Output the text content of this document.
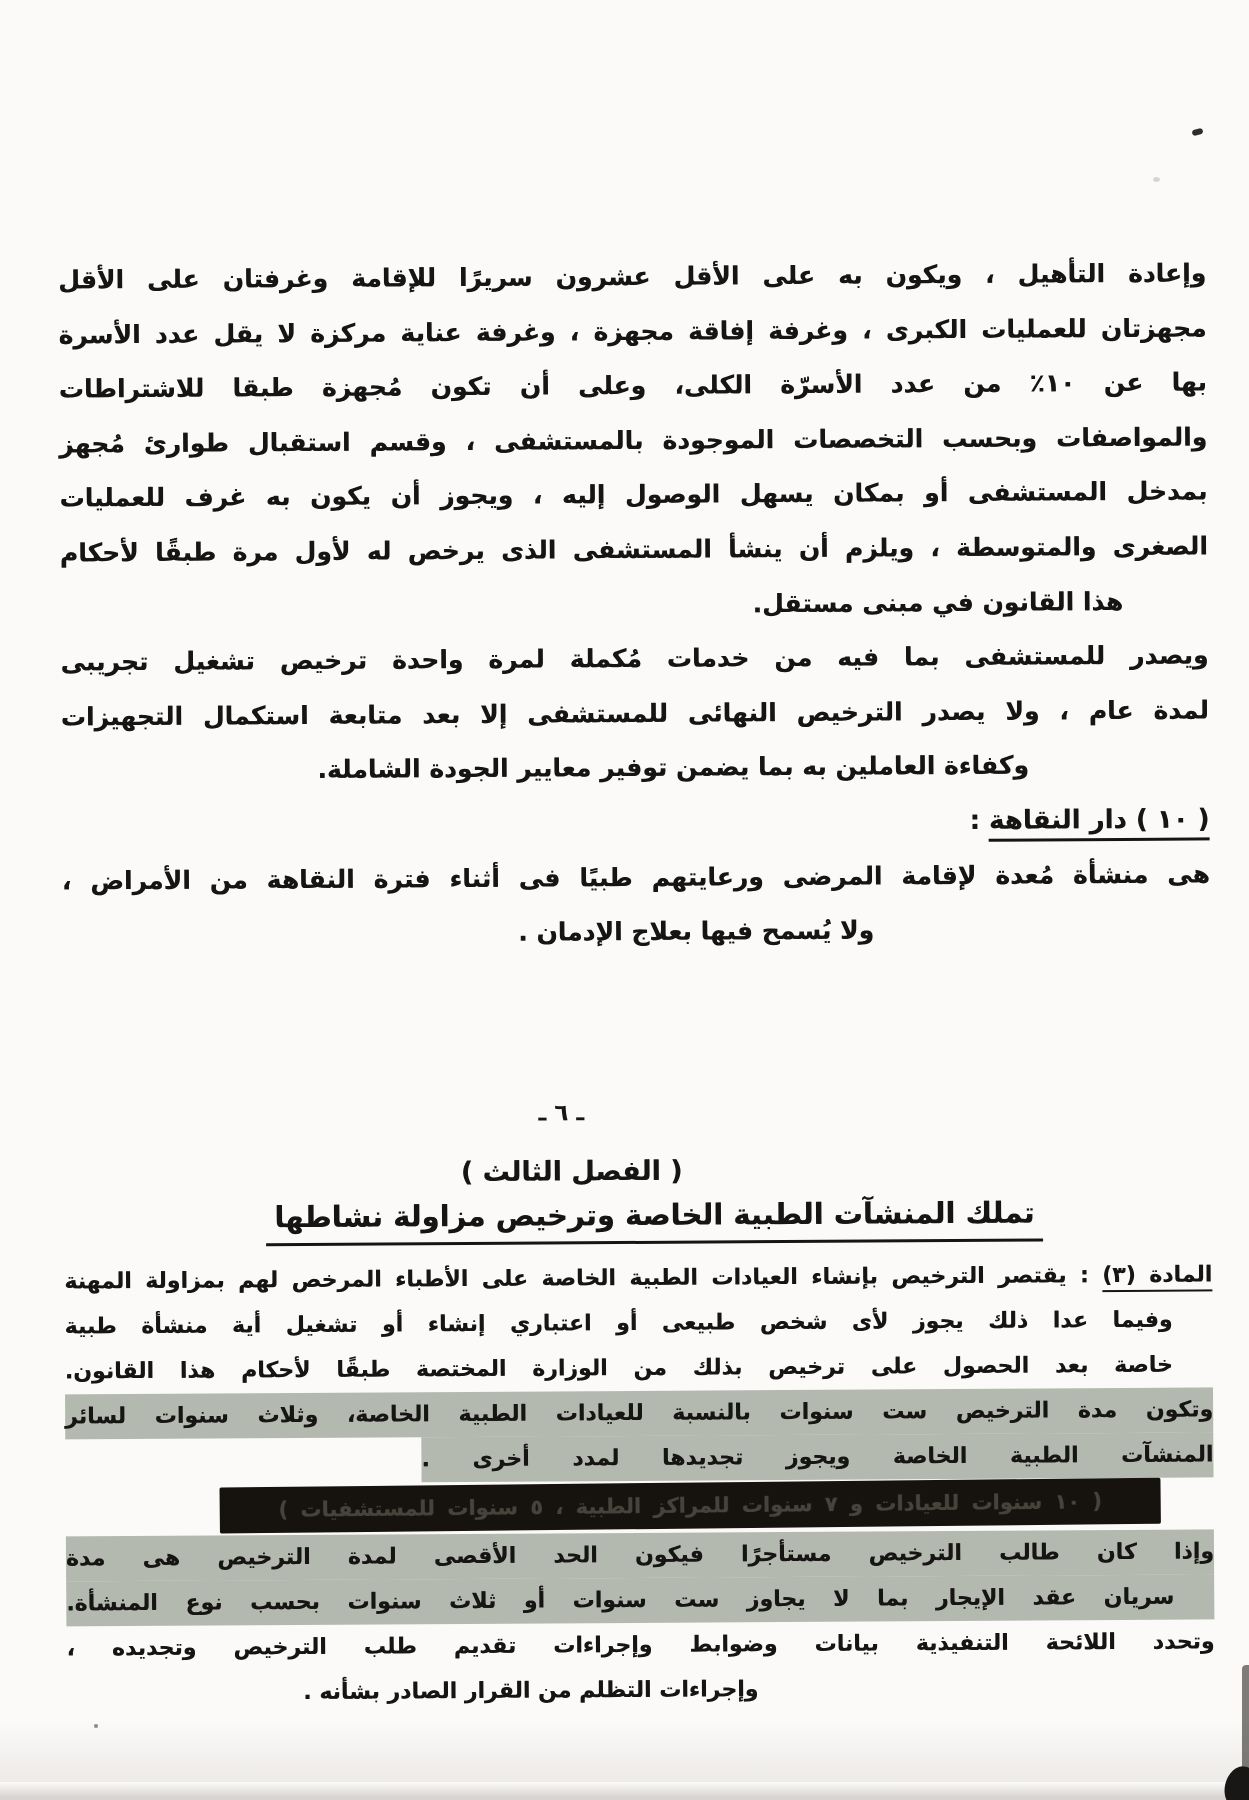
وإعادة التأهيل ، ويكون به على الأقل عشرون سريرًا للإقامة وغرفتان على الأقل
مجهزتان للعمليات الكبرى ، وغرفة إفاقة مجهزة ، وغرفة عناية مركزة لا يقل عدد الأسرة
بها عن ١٠٪ من عدد الأسرّة الكلى، وعلى أن تكون مُجهزة طبقا للاشتراطات
والمواصفات وبحسب التخصصات الموجودة بالمستشفى ، وقسم استقبال طوارئ مُجهز
بمدخل المستشفى أو بمكان يسهل الوصول إليه ، ويجوز أن يكون به غرف للعمليات
الصغرى والمتوسطة ، ويلزم أن ينشأ المستشفى الذى يرخص له لأول مرة طبقًا لأحكام
هذا القانون في مبنى مستقل.
ويصدر للمستشفى بما فيه من خدمات مُكملة لمرة واحدة ترخيص تشغيل تجريبى
لمدة عام ، ولا يصدر الترخيص النهائى للمستشفى إلا بعد متابعة استكمال التجهيزات
وكفاءة العاملين به بما يضمن توفير معايير الجودة الشاملة.
( ١٠ ) دار النقاهة :
هى منشأة مُعدة لإقامة المرضى ورعايتهم طبيًا فى أثناء فترة النقاهة من الأمراض ،
ولا يُسمح فيها بعلاج الإدمان .
ـ ٦ ـ
( الفصل الثالث )
تملك المنشآت الطبية الخاصة وترخيص مزاولة نشاطها
المادة (٣) : يقتصر الترخيص بإنشاء العيادات الطبية الخاصة على الأطباء المرخص لهم بمزاولة المهنة
وفيما عدا ذلك يجوز لأى شخص طبيعى أو اعتباري إنشاء أو تشغيل أية منشأة طبية
خاصة بعد الحصول على ترخيص بذلك من الوزارة المختصة طبقًا لأحكام هذا القانون.
وتكون مدة الترخيص ست سنوات بالنسبة للعيادات الطبية الخاصة، وثلاث سنوات لسائر
المنشآت الطبية الخاصة ويجوز تجديدها لمدد أخرى .
( ١٠ سنوات للعيادات و ٧ سنوات للمراكز الطبية ، ٥ سنوات للمستشفيات )
وإذا كان طالب الترخيص مستأجرًا فيكون الحد الأقصى لمدة الترخيص هى مدة
سريان عقد الإيجار بما لا يجاوز ست سنوات أو ثلاث سنوات بحسب نوع المنشأة.
وتحدد اللائحة التنفيذية بيانات وضوابط وإجراءات تقديم طلب الترخيص وتجديده ،
وإجراءات التظلم من القرار الصادر بشأنه .
